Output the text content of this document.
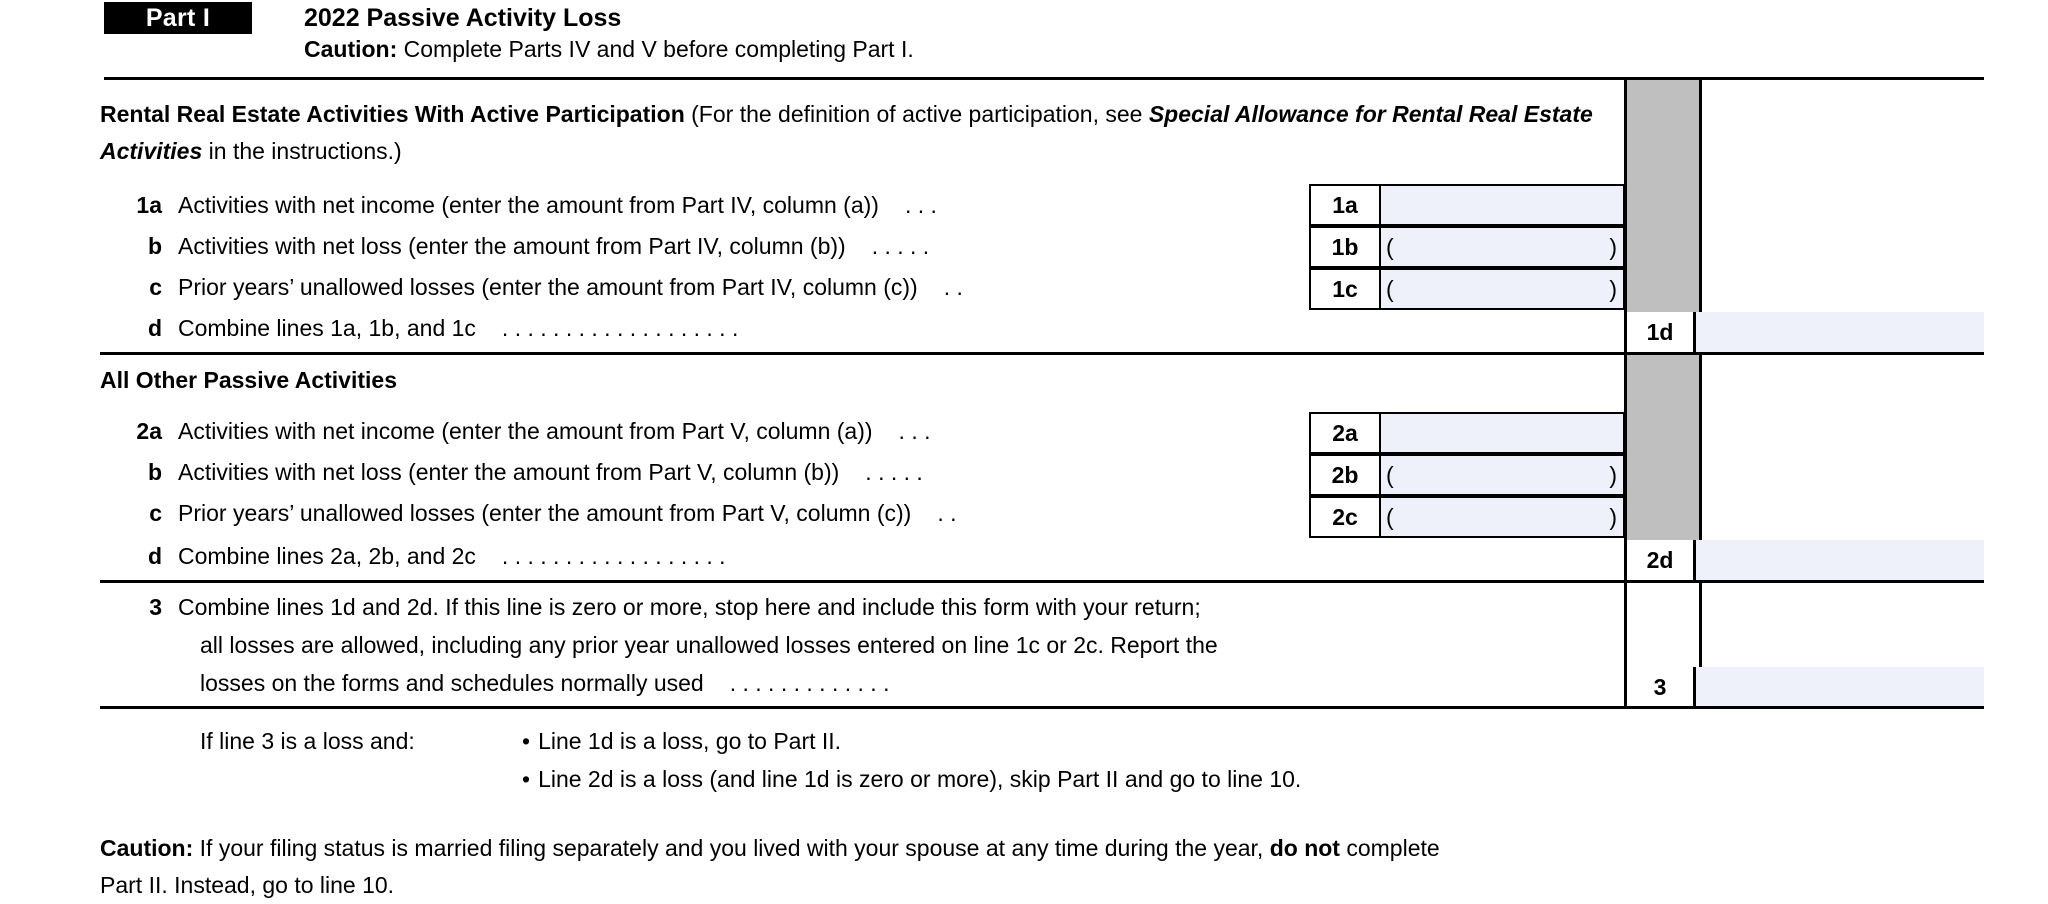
Part I	2022 Passive Activity Loss
Caution: Complete Parts IV and V before completing Part I.
Rental Real Estate Activities With Active Participation (For the definition of active participation, see Special Allowance for Rental Real Estate Activities in the instructions.)
1a Activities with net income (enter the amount from Part IV, column (a)) . . .	1a
b Activities with net loss (enter the amount from Part IV, column (b)) . . . . .	1b	(	)
c Prior years’ unallowed losses (enter the amount from Part IV, column (c)) . .	1c	(	)
d Combine lines 1a, 1b, and 1c . . . . . . . . . . . . . . . . . . .	1d
All Other Passive Activities
2a Activities with net income (enter the amount from Part V, column (a)) . . .	2a
b Activities with net loss (enter the amount from Part V, column (b)) . . . . .	2b	(	)
c Prior years’ unallowed losses (enter the amount from Part V, column (c)) . .	2c	(	)
d Combine lines 2a, 2b, and 2c . . . . . . . . . . . . . . . . . .	2d
3 Combine lines 1d and 2d. If this line is zero or more, stop here and include this form with your return;
all losses are allowed, including any prior year unallowed losses entered on line 1c or 2c. Report the
losses on the forms and schedules normally used . . . . . . . . . . . . .	3
If line 3 is a loss and:	• Line 1d is a loss, go to Part II.
• Line 2d is a loss (and line 1d is zero or more), skip Part II and go to line 10.
Caution: If your filing status is married filing separately and you lived with your spouse at any time during the year, do not complete
Part II. Instead, go to line 10.
